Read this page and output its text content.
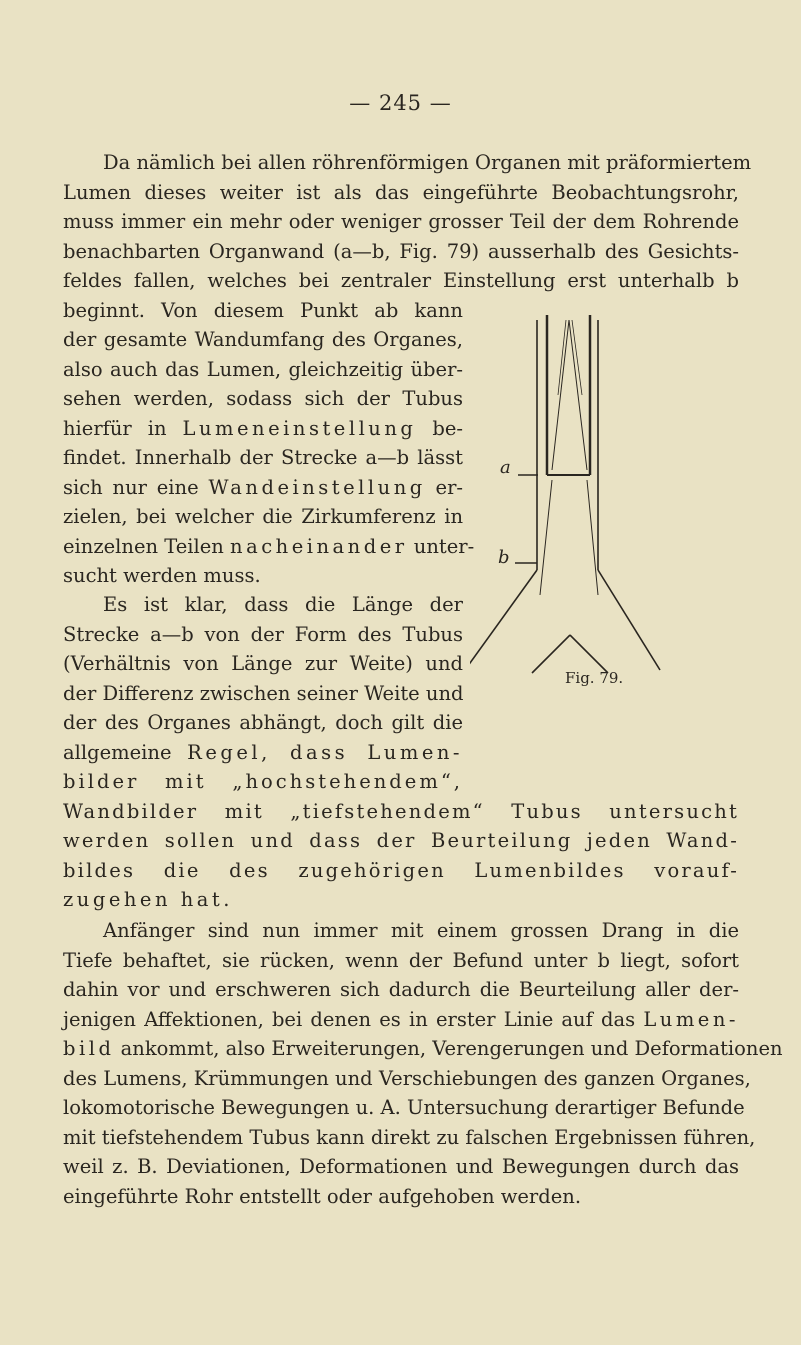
— 245 —
Da nämlich bei allen röhrenförmigen Organen mit präformiertem
Lumen dieses weiter ist als das eingeführte Beobachtungsrohr,
muss immer ein mehr oder weniger grosser Teil der dem Rohrende
benachbarten Organwand (a—b, Fig. 79) ausserhalb des Gesichts-
feldes fallen, welches bei zentraler Einstellung erst unterhalb b
beginnt. Von diesem Punkt ab kann
der gesamte Wandumfang des Organes,
also auch das Lumen, gleichzeitig über-
sehen werden, sodass sich der Tubus
hierfür in Lumeneinstellung be-
findet. Innerhalb der Strecke a—b lässt
sich nur eine Wandeinstellung er-
zielen, bei welcher die Zirkumferenz in
einzelnen Teilen nacheinander unter-
sucht werden muss.
Es ist klar, dass die Länge der
Strecke a—b von der Form des Tubus
(Verhältnis von Länge zur Weite) und
der Differenz zwischen seiner Weite und
der des Organes abhängt, doch gilt die
allgemeine Regel, dass Lumen-
bilder mit „hochstehendem“,
Wandbilder mit „tiefstehendem“ Tubus untersucht
werden sollen und dass der Beurteilung jeden Wand-
bildes die des zugehörigen Lumenbildes vorauf-
zugehen hat.
Anfänger sind nun immer mit einem grossen Drang in die
Tiefe behaftet, sie rücken, wenn der Befund unter b liegt, sofort
dahin vor und erschweren sich dadurch die Beurteilung aller der-
jenigen Affektionen, bei denen es in erster Linie auf das Lumen-
bild ankommt, also Erweiterungen, Verengerungen und Deformationen
des Lumens, Krümmungen und Verschiebungen des ganzen Organes,
lokomotorische Bewegungen u. A. Untersuchung derartiger Befunde
mit tiefstehendem Tubus kann direkt zu falschen Ergebnissen führen,
weil z. B. Deviationen, Deformationen und Bewegungen durch das
eingeführte Rohr entstellt oder aufgehoben werden.
a
b
Fig. 79.
